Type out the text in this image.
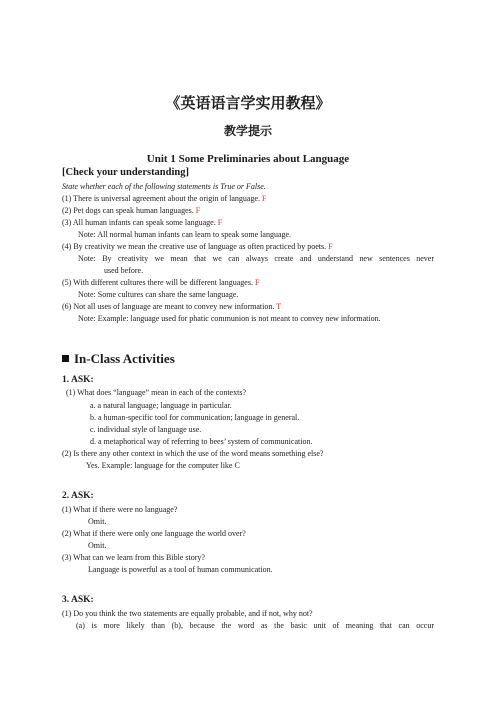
《英语语言学实用教程》
教学提示
Unit 1 Some Preliminaries about Language
[Check your understanding]
State whether each of the following statements is True or False.
(1) There is universal agreement about the origin of language. F
(2) Pet dogs can speak human languages. F
(3) All human infants can speak some language. F
Note: All normal human infants can learn to speak some language.
(4) By creativity we mean the creative use of language as often practiced by poets. F
Note: By creativity we mean that we can always create and understand new sentences never
used before.
(5) With different cultures there will be different languages. F
Note: Some cultures can share the same language.
(6) Not all uses of language are meant to convey new information. T
Note: Example: language used for phatic communion is not meant to convey new information.
In-Class Activities
1. ASK:
(1) What does “language” mean in each of the contexts?
a. a natural language; language in particular.
b. a human-specific tool for communication; language in general.
c. individual style of language use.
d. a metaphorical way of referring to bees’ system of communication.
(2) Is there any other context in which the use of the word means something else?
Yes. Example: language for the computer like C
2. ASK:
(1) What if there were no language?
Omit.
(2) What if there were only one language the world over?
Omit.
(3) What can we learn from this Bible story?
Language is powerful as a tool of human communication.
3. ASK:
(1) Do you think the two statements are equally probable, and if not, why not?
(a) is more likely than (b), because the word as the basic unit of meaning that can occur
